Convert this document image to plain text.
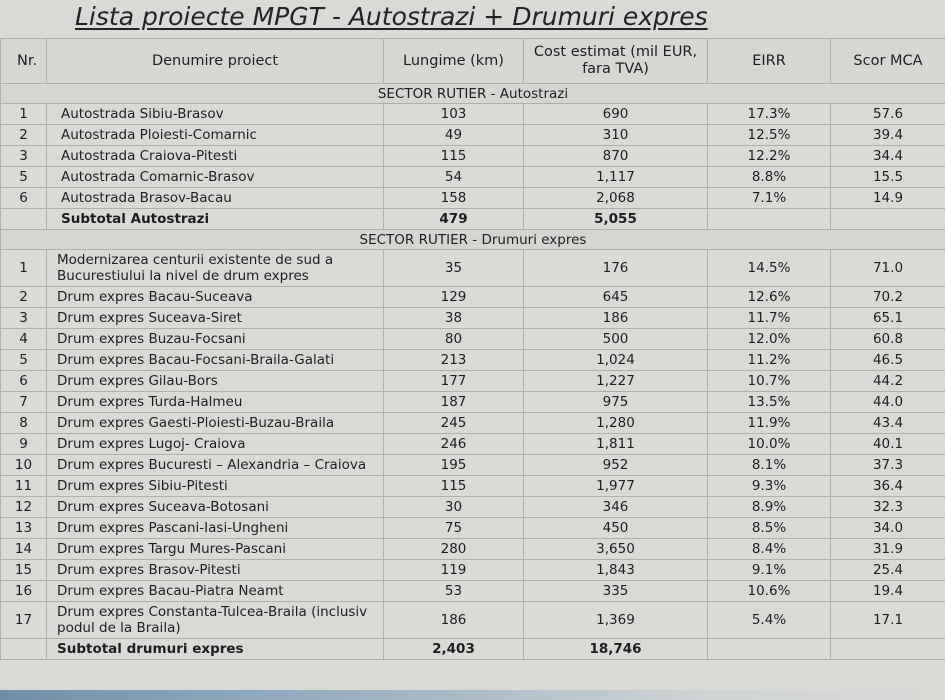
Lista proiecte MPGT - Autostrazi + Drumuri expres
Nr.	Denumire proiect	Lungime (km)	Cost estimat (mil EUR,
fara TVA)	EIRR	Scor MCA
SECTOR RUTIER - Autostrazi					
1	Autostrada Sibiu-Brasov	103	690	17.3%	57.6
2	Autostrada Ploiesti-Comarnic	49	310	12.5%	39.4
3	Autostrada Craiova-Pitesti	115	870	12.2%	34.4
5	Autostrada Comarnic-Brasov	54	1,117	8.8%	15.5
6	Autostrada Brasov-Bacau	158	2,068	7.1%	14.9
	Subtotal Autostrazi	479	5,055		
SECTOR RUTIER - Drumuri expres					
1	Modernizarea centurii existente de sud a Bucurestiului la nivel de drum expres	35	176	14.5%	71.0
2	Drum expres Bacau-Suceava	129	645	12.6%	70.2
3	Drum expres Suceava-Siret	38	186	11.7%	65.1
4	Drum expres Buzau-Focsani	80	500	12.0%	60.8
5	Drum expres Bacau-Focsani-Braila-Galati	213	1,024	11.2%	46.5
6	Drum expres Gilau-Bors	177	1,227	10.7%	44.2
7	Drum expres Turda-Halmeu	187	975	13.5%	44.0
8	Drum expres Gaesti-Ploiesti-Buzau-Braila	245	1,280	11.9%	43.4
9	Drum expres Lugoj- Craiova	246	1,811	10.0%	40.1
10	Drum expres Bucuresti – Alexandria – Craiova	195	952	8.1%	37.3
11	Drum expres Sibiu-Pitesti	115	1,977	9.3%	36.4
12	Drum expres Suceava-Botosani	30	346	8.9%	32.3
13	Drum expres Pascani-Iasi-Ungheni	75	450	8.5%	34.0
14	Drum expres Targu Mures-Pascani	280	3,650	8.4%	31.9
15	Drum expres Brasov-Pitesti	119	1,843	9.1%	25.4
16	Drum expres Bacau-Piatra Neamt	53	335	10.6%	19.4
17	Drum expres Constanta-Tulcea-Braila (inclusiv podul de la Braila)	186	1,369	5.4%	17.1
	Subtotal drumuri expres	2,403	18,746		
